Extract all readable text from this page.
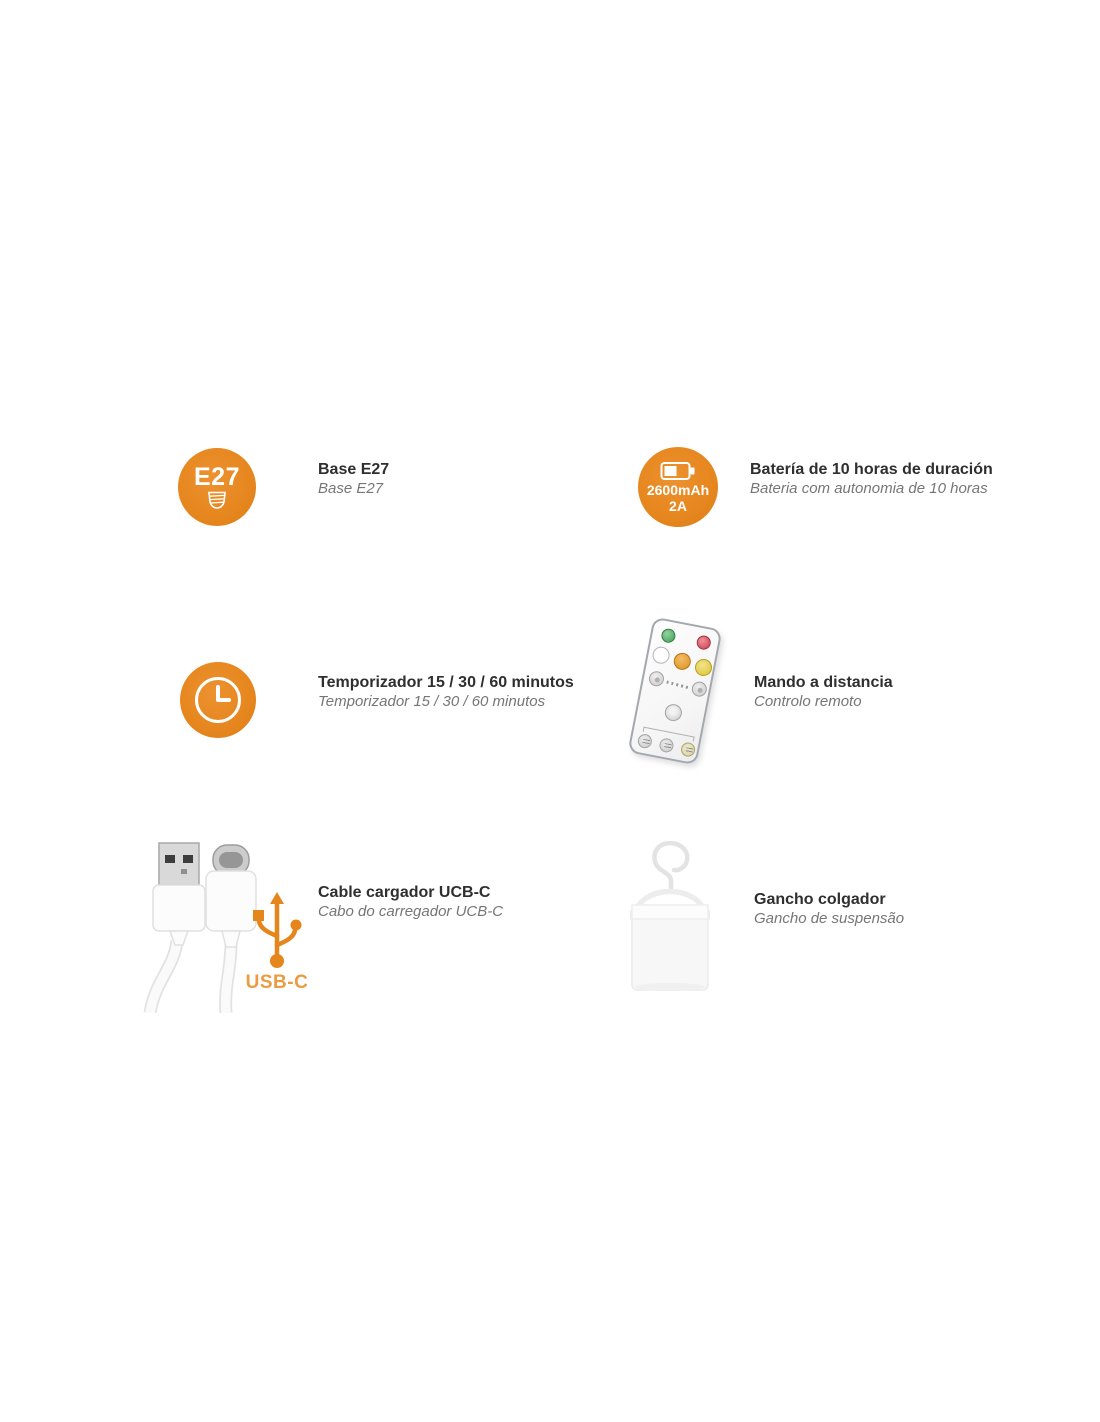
E27	Base E27
Base E27	2600mAh
2A
Batería de 10 horas de duración
Bateria com autonomia de 10 horas
Temporizador 15 / 30 / 60 minutos
Temporizador 15 / 30 / 60 minutos
Mando a distancia
Controlo remoto
USB-C
Cable cargador UCB-C
Cabo do carregador UCB-C
Gancho colgador
Gancho de suspensão
